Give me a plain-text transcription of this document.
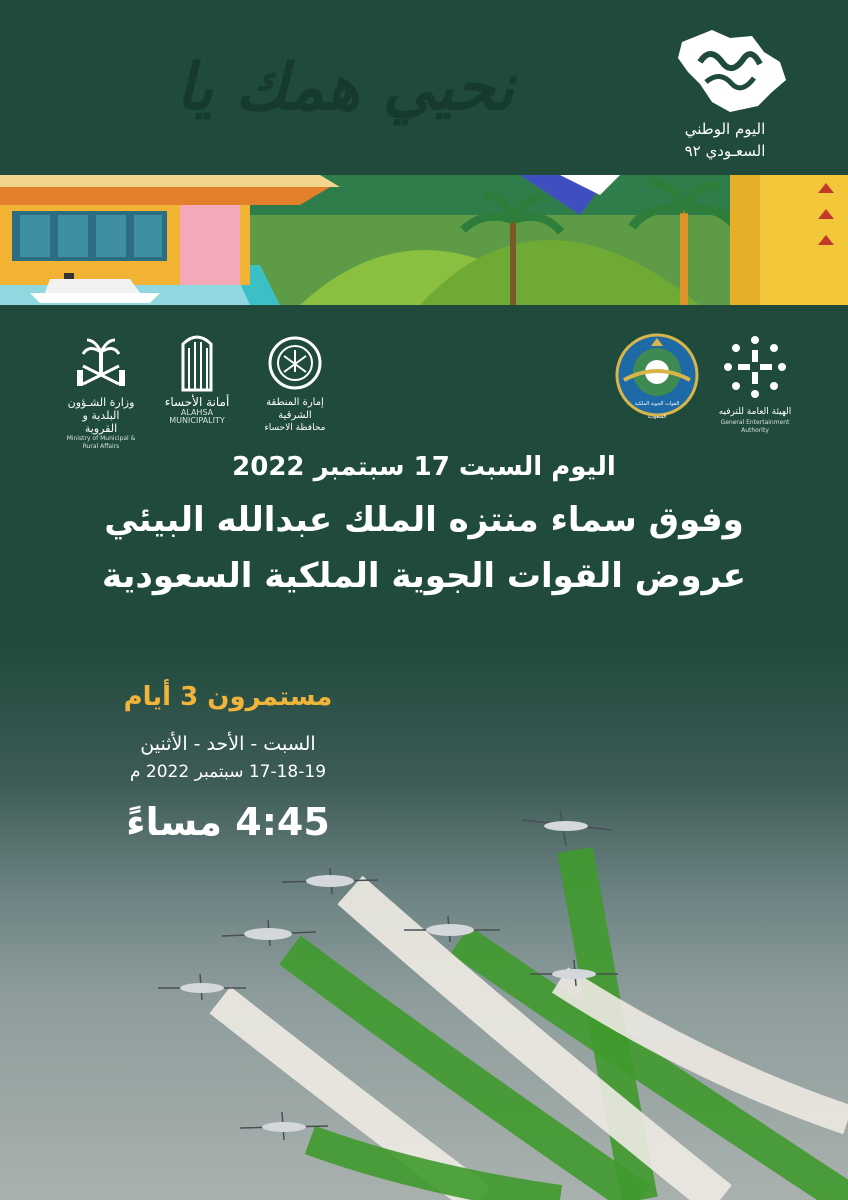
نحيي همك يا
اليوم الوطني
السعـودي ٩٢
وزارة الشـؤون البلدية و القروية
Ministry of Municipal & Rural Affairs
أمانة الأحساء
ALAHSA MUNICIPALITY
إمارة المنطقة الشرقية
محافظة الاحساء
القوات الجوية الملكية السعودية	الهيئة العامة للترفيه
General Entertainment Authority
اليوم السبت 17 سبتمبر 2022
وفوق سماء منتزه الملك عبدالله البيئي
عروض القوات الجوية الملكية السعودية
مستمرون 3 أيام
السبت - الأحد - الأثنين
17-18-19 سبتمبر 2022 م
4:45 مساءً
